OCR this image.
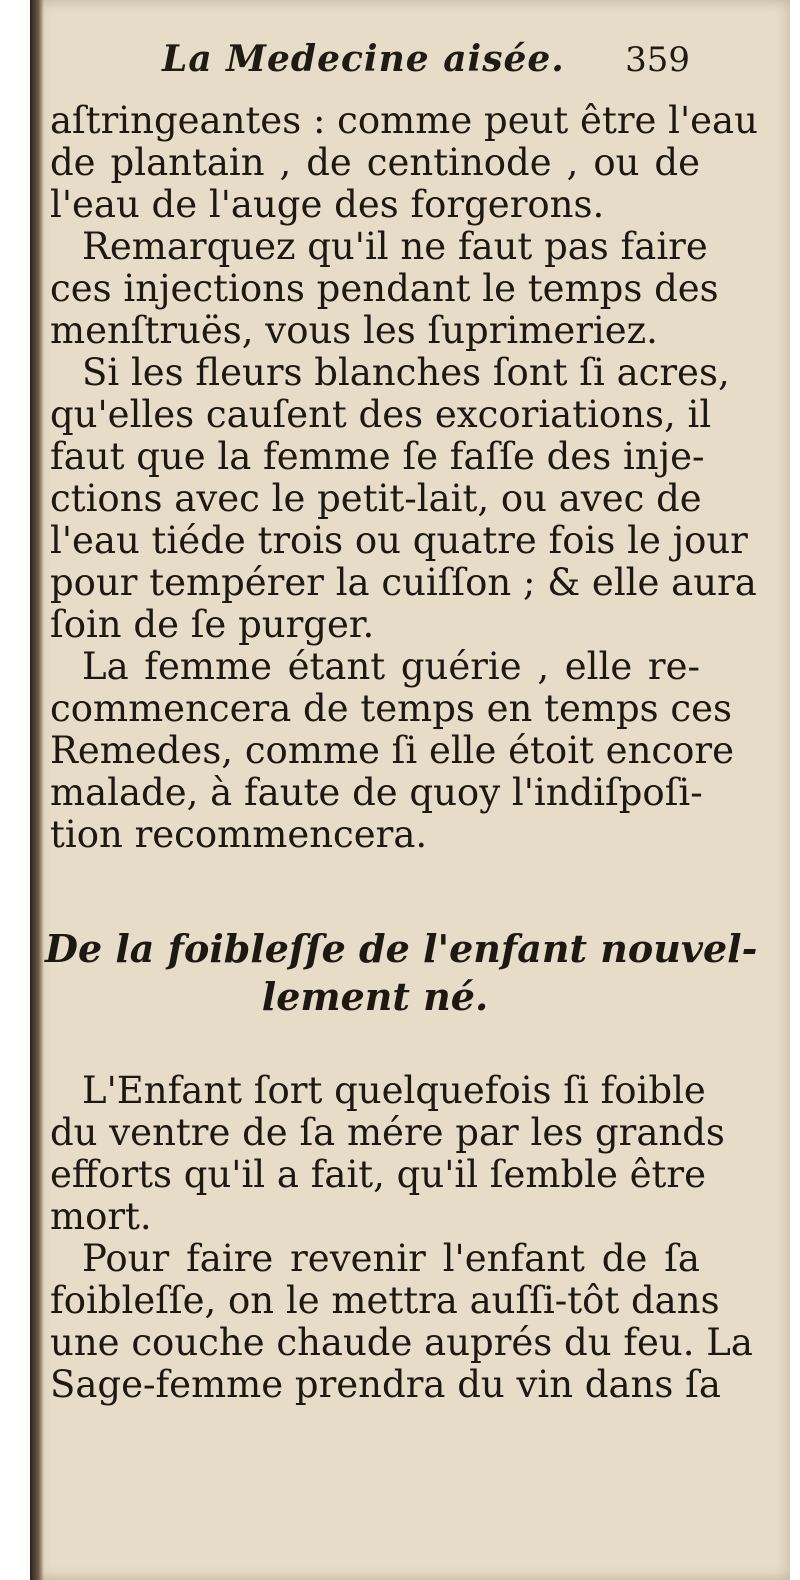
La Medecine aisée. 359
aſtringeantes : comme peut être l'eau
de plantain , de centinode , ou de
l'eau de l'auge des forgerons.
Remarquez qu'il ne faut pas faire
ces injections pendant le temps des
menſtruës, vous les ſuprimeriez.
Si les fleurs blanches ſont ſi acres,
qu'elles cauſent des excoriations, il
faut que la femme ſe faſſe des inje-
ctions avec le petit-lait, ou avec de
l'eau tiéde trois ou quatre fois le jour
pour tempérer la cuiſſon ; & elle aura
ſoin de ſe purger.
La femme étant guérie , elle re-
commencera de temps en temps ces
Remedes, comme ſi elle étoit encore
malade, à faute de quoy l'indiſpoſi-
tion recommencera.
De la foibleſſe de l'enfant nouvel-
lement né.
L'Enfant ſort quelquefois ſi foible
du ventre de ſa mére par les grands
efforts qu'il a fait, qu'il ſemble être
mort.
Pour faire revenir l'enfant de ſa
foibleſſe, on le mettra auſſi-tôt dans
une couche chaude auprés du feu. La
Sage-femme prendra du vin dans ſa
